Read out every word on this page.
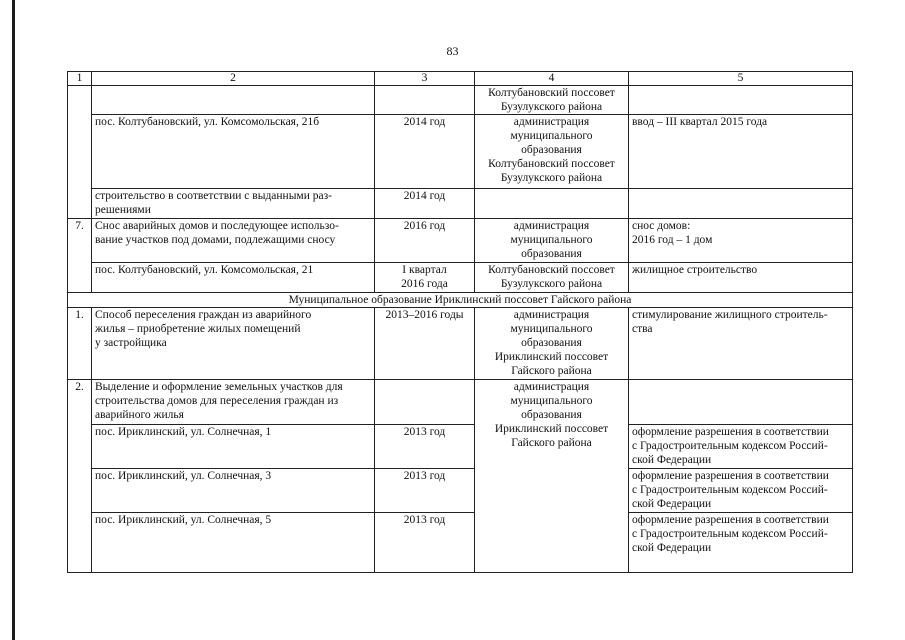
83
1	2	3	4	5
			Колтубановский поссовет Бузулукского района	
	пос. Колтубановский, ул. Комсомольская, 21б	2014 год	администрация
муниципального
образования
Колтубановский поссовет
Бузулукского района	ввод – III квартал 2015 года

	строительство в соответствии с выданными раз-
решениями	2014 год		
7.	Снос аварийных домов и последующее использо-
вание участков под домами, подлежащими сносу	2016 год	администрация
муниципального
образования	снос домов:
2016 год – 1 дом

	пос. Колтубановский, ул. Комсомольская, 21	I квартал
2016 года	Колтубановский поссовет
Бузулукского района	жилищное строительство
Муниципальное образование Ириклинский поссовет Гайского района				
1.	Способ переселения граждан из аварийного
жилья – приобретение жилых помещений
у застройщика	2013–2016 годы	администрация
муниципального
образования
Ириклинский поссовет
Гайского района	стимулирование жилищного строитель-
ства

2.	Выделение и оформление земельных участков для
строительства домов для переселения граждан из
аварийного жилья		администрация
муниципального
образования
Ириклинский поссовет
Гайского района	

	пос. Ириклинский, ул. Солнечная, 1	2013 год		оформление разрешения в соответствии
с Градостроительным кодексом Россий-
ской Федерации

	пос. Ириклинский, ул. Солнечная, 3	2013 год		оформление разрешения в соответствии
с Градостроительным кодексом Россий-
ской Федерации

	пос. Ириклинский, ул. Солнечная, 5	2013 год		оформление разрешения в соответствии
с Градостроительным кодексом Россий-
ской Федерации
